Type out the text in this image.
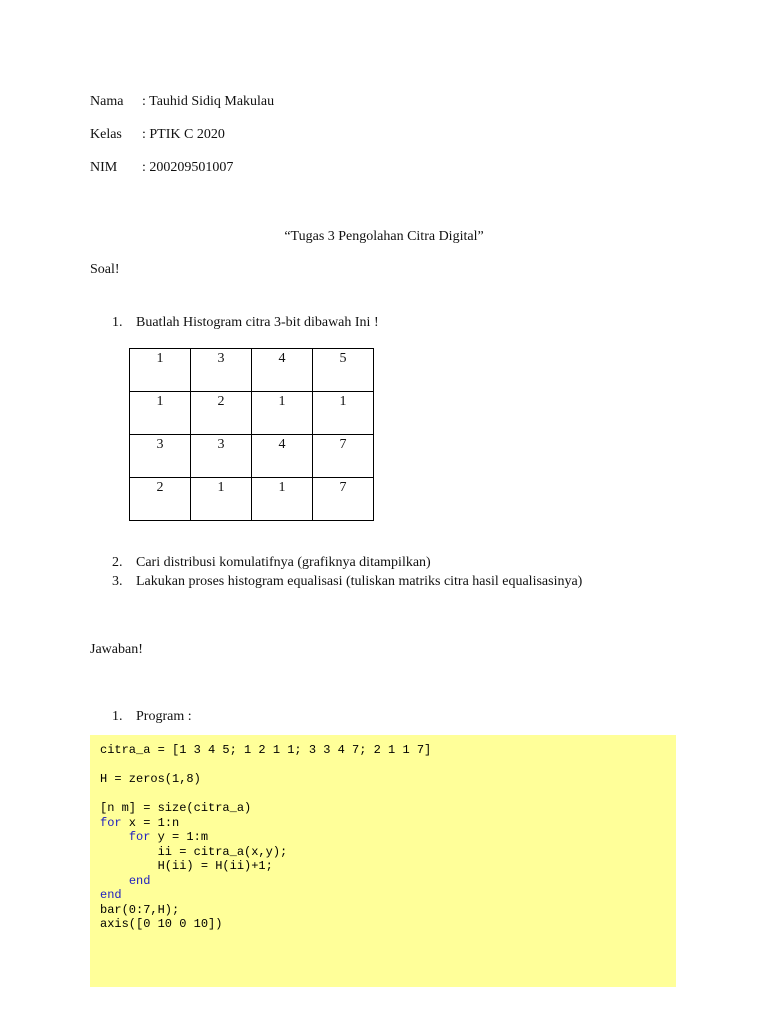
Nama : Tauhid Sidiq Makulau
Kelas : PTIK C 2020
NIM : 200209501007
“Tugas 3 Pengolahan Citra Digital”
Soal!
1. Buatlah Histogram citra 3-bit dibawah Ini !
1	3	4	5

1	2	1	1

3	3	4	7

2	1	1	7
2. Cari distribusi komulatifnya (grafiknya ditampilkan)
3. Lakukan proses histogram equalisasi (tuliskan matriks citra hasil equalisasinya)
Jawaban!
1. Program :
citra_a = [1 3 4 5; 1 2 1 1; 3 3 4 7; 2 1 1 7]
H = zeros(1,8)
[n m] = size(citra_a)
for x = 1:n
for y = 1:m
ii = citra_a(x,y);
H(ii) = H(ii)+1;
end
end
bar(0:7,H);
axis([0 10 0 10])
